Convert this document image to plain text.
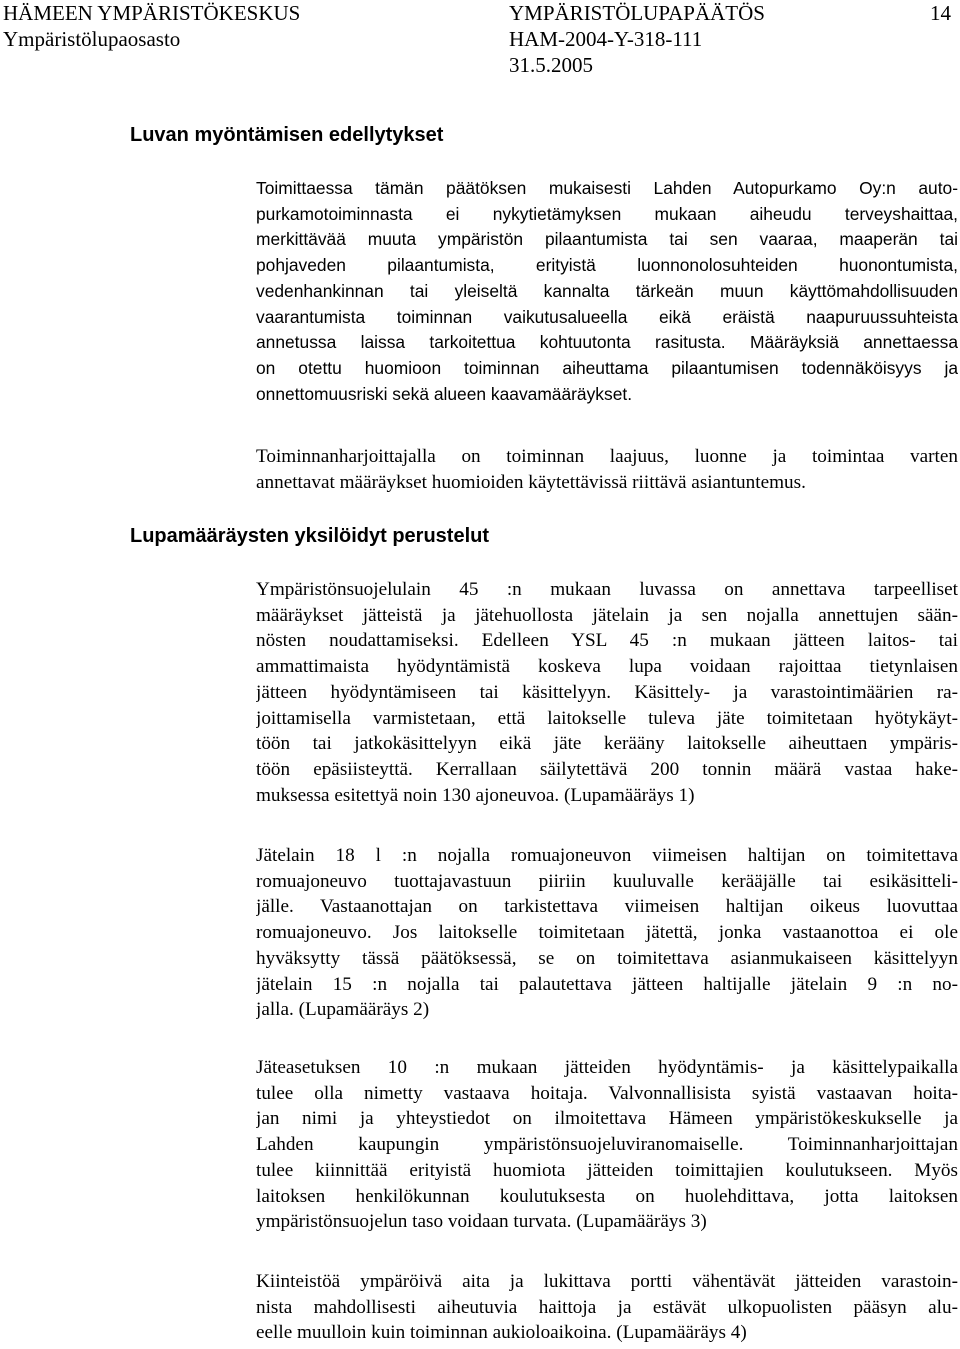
HÄMEEN YMPÄRISTÖKESKUS	YMPÄRISTÖLUPAPÄÄTÖS	14
Ympäristölupaosasto	HAM-2004-Y-318-111
31.5.2005
Luvan myöntämisen edellytykset

Toimittaessa tämän päätöksen mukaisesti Lahden Autopurkamo Oy:n auto-
purkamotoiminnasta ei nykytietämyksen mukaan aiheudu terveyshaittaa,
merkittävää muuta ympäristön pilaantumista tai sen vaaraa, maaperän tai
pohjaveden pilaantumista, erityistä luonnonolosuhteiden huonontumista,
vedenhankinnan tai yleiseltä kannalta tärkeän muun käyttömahdollisuuden
vaarantumista toiminnan vaikutusalueella eikä eräistä naapuruussuhteista
annetussa laissa tarkoitettua kohtuutonta rasitusta. Määräyksiä annettaessa
on otettu huomioon toiminnan aiheuttama pilaantumisen todennäköisyys ja
onnettomuusriski sekä alueen kaavamääräykset.

Toiminnanharjoittajalla on toiminnan laajuus, luonne ja toimintaa varten
annettavat määräykset huomioiden käytettävissä riittävä asiantuntemus.

Lupamääräysten yksilöidyt perustelut

Ympäristönsuojelulain 45 :n mukaan luvassa on annettava tarpeelliset
määräykset jätteistä ja jätehuollosta jätelain ja sen nojalla annettujen sään-
nösten noudattamiseksi. Edelleen YSL 45 :n mukaan jätteen laitos- tai
ammattimaista hyödyntämistä koskeva lupa voidaan rajoittaa tietynlaisen
jätteen hyödyntämiseen tai käsittelyyn. Käsittely- ja varastointimäärien ra-
joittamisella varmistetaan, että laitokselle tuleva jäte toimitetaan hyötykäyt-
töön tai jatkokäsittelyyn eikä jäte kerääny laitokselle aiheuttaen ympäris-
töön epäsiisteyttä. Kerrallaan säilytettävä 200 tonnin määrä vastaa hake-
muksessa esitettyä noin 130 ajoneuvoa. (Lupamääräys 1)

Jätelain 18 l :n nojalla romuajoneuvon viimeisen haltijan on toimitettava
romuajoneuvo tuottajavastuun piiriin kuuluvalle kerääjälle tai esikäsitteli-
jälle. Vastaanottajan on tarkistettava viimeisen haltijan oikeus luovuttaa
romuajoneuvo. Jos laitokselle toimitetaan jätettä, jonka vastaanottoa ei ole
hyväksytty tässä päätöksessä, se on toimitettava asianmukaiseen käsittelyyn
jätelain 15 :n nojalla tai palautettava jätteen haltijalle jätelain 9 :n no-
jalla. (Lupamääräys 2)

Jäteasetuksen 10 :n mukaan jätteiden hyödyntämis- ja käsittelypaikalla
tulee olla nimetty vastaava hoitaja. Valvonnallisista syistä vastaavan hoita-
jan nimi ja yhteystiedot on ilmoitettava Hämeen ympäristökeskukselle ja
Lahden kaupungin ympäristönsuojeluviranomaiselle. Toiminnanharjoittajan
tulee kiinnittää erityistä huomiota jätteiden toimittajien koulutukseen. Myös
laitoksen henkilökunnan koulutuksesta on huolehdittava, jotta laitoksen
ympäristönsuojelun taso voidaan turvata. (Lupamääräys 3)

Kiinteistöä ympäröivä aita ja lukittava portti vähentävät jätteiden varastoin-
nista mahdollisesti aiheutuvia haittoja ja estävät ulkopuolisten pääsyn alu-
eelle muulloin kuin toiminnan aukioloaikoina. (Lupamääräys 4)
